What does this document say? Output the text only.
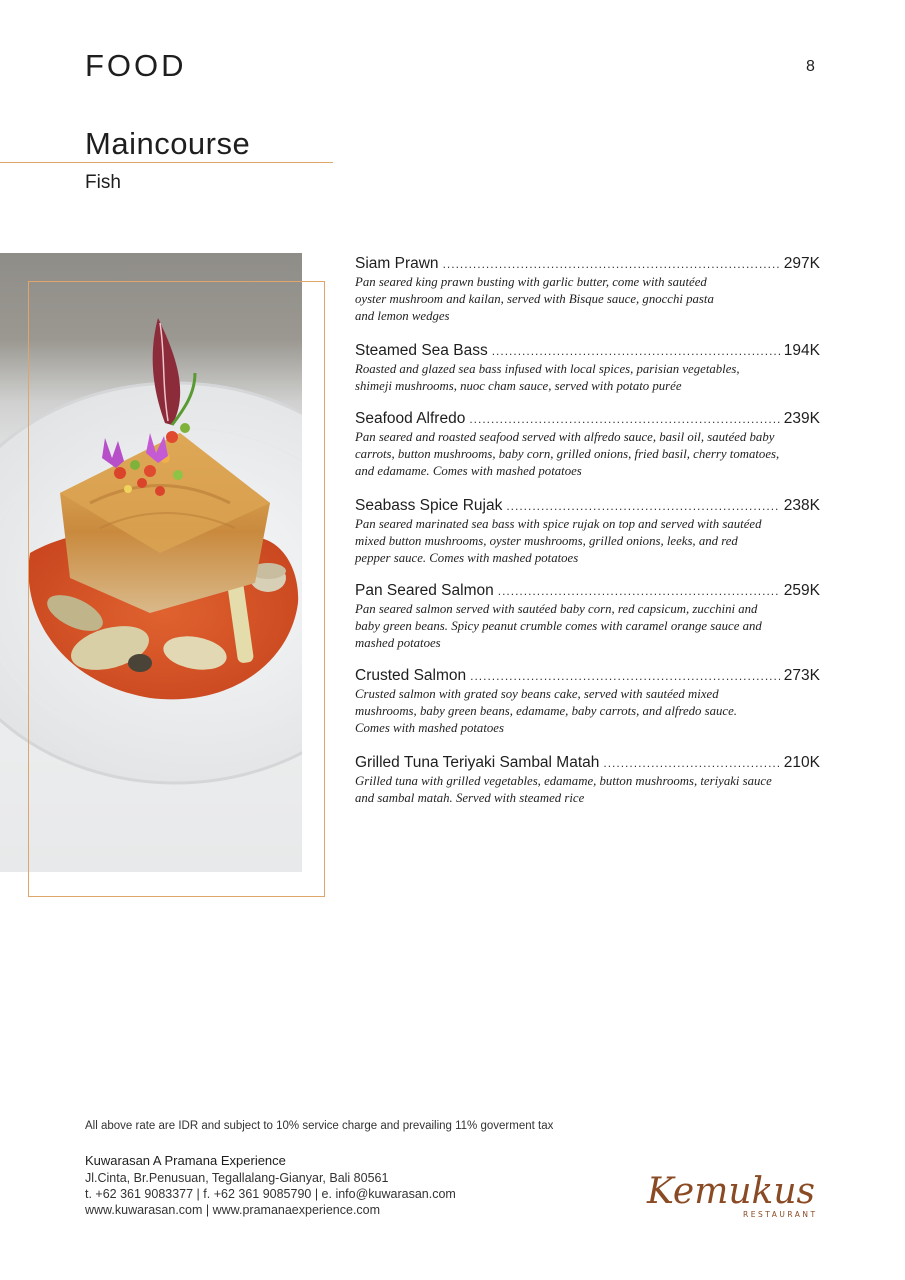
FOOD	8
Maincourse
Fish
Siam Prawn .....	297K

Pan seared king prawn busting with garlic butter, come with sautéed

oyster mushroom and kailan, served with Bisque sauce, gnocchi pasta

and lemon wedges

Steamed Sea Bass .....	194K

Roasted and glazed sea bass infused with local spices, parisian vegetables,

shimeji mushrooms, nuoc cham sauce, served with potato purée

Seafood Alfredo .....	239K

Pan seared and roasted seafood served with alfredo sauce, basil oil, sautéed baby

carrots, button mushrooms, baby corn, grilled onions, fried basil, cherry tomatoes,

and edamame. Comes with mashed potatoes

Seabass Spice Rujak .....	238K

Pan seared marinated sea bass with spice rujak on top and served with sautéed

mixed button mushrooms, oyster mushrooms, grilled onions, leeks, and red

pepper sauce. Comes with mashed potatoes

Pan Seared Salmon .....	259K

Pan seared salmon served with sautéed baby corn, red capsicum, zucchini and

baby green beans. Spicy peanut crumble comes with caramel orange sauce and

mashed potatoes

Crusted Salmon .....	273K

Crusted salmon with grated soy beans cake, served with sautéed mixed

mushrooms, baby green beans, edamame, baby carrots, and alfredo sauce.

Comes with mashed potatoes

Grilled Tuna Teriyaki Sambal Matah .....	210K

Grilled tuna with grilled vegetables, edamame, button mushrooms, teriyaki sauce

and sambal matah. Served with steamed rice

All above rate are IDR and subject to 10% service charge and prevailing 11% goverment tax
Kuwarasan A Pramana Experience
Jl.Cinta, Br.Penusuan, Tegallalang-Gianyar, Bali 80561
t. +62 361 9083377 | f. +62 361 9085790 | e. info@kuwarasan.com
www.kuwarasan.com | www.pramanaexperience.com	Kemukus
RESTAURANT
